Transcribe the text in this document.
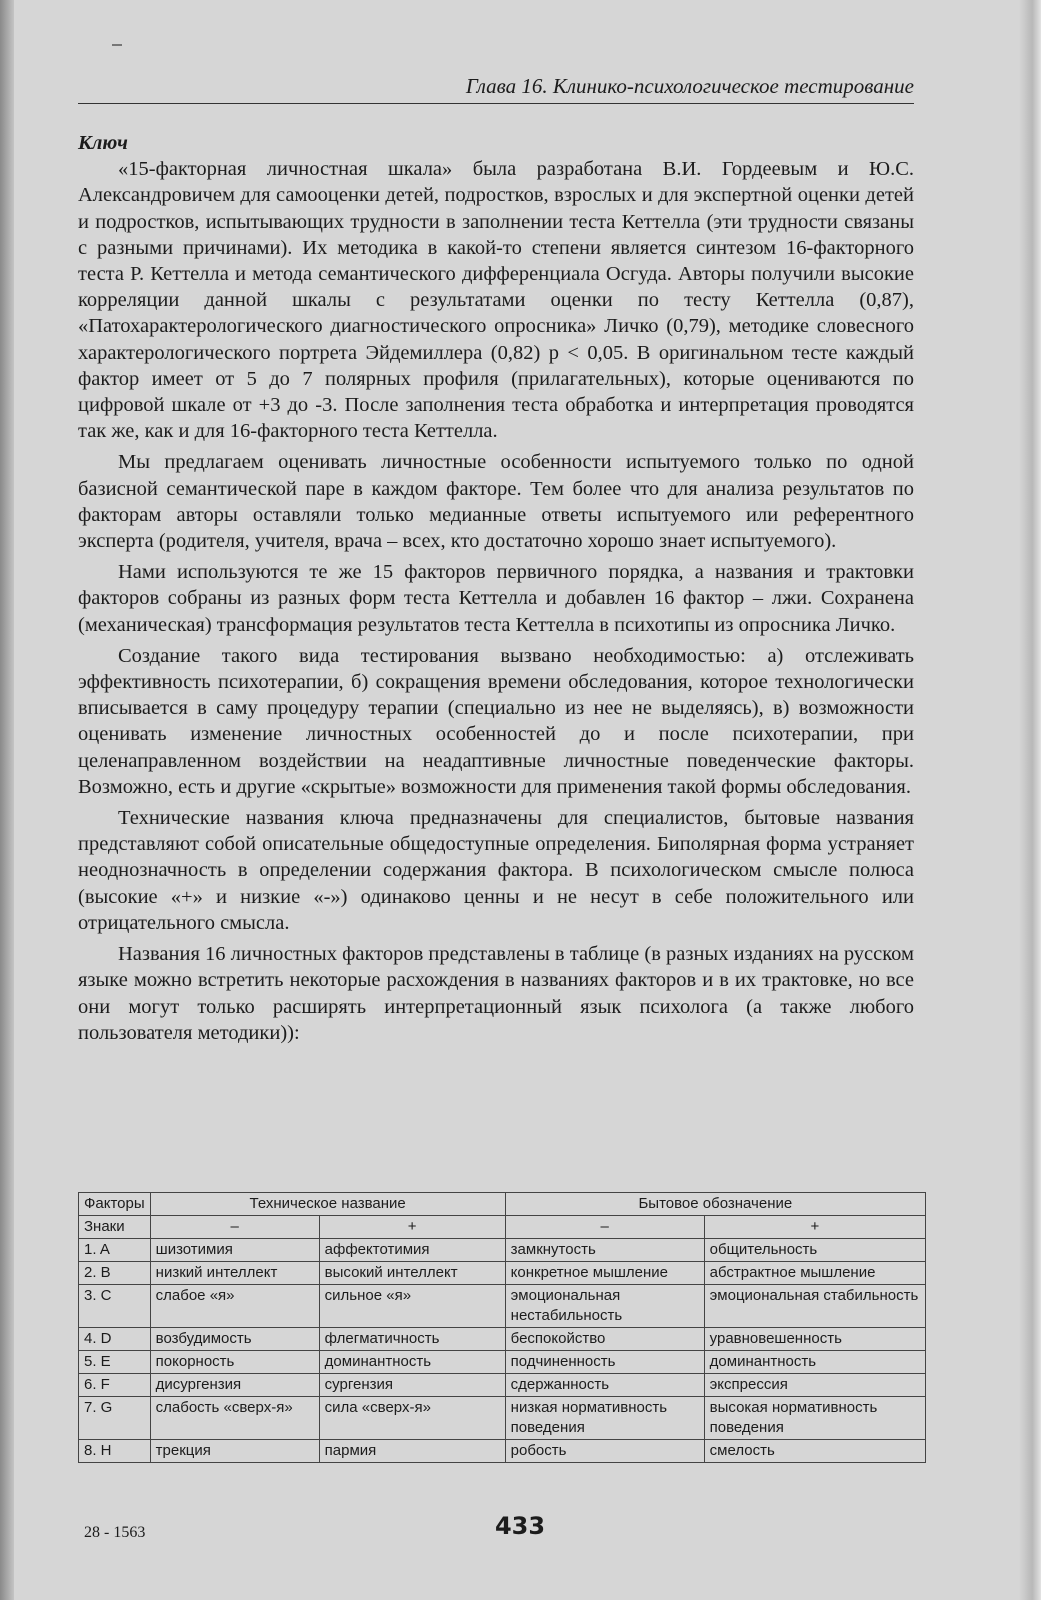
Глава 16. Клинико-психологическое тестирование
Ключ

«15-факторная личностная шкала» была разработана В.И. Гордеевым и Ю.С. Александровичем для самооценки детей, подростков, взрослых и для экспертной оценки детей и подростков, испытывающих трудности в заполнении теста Кеттелла (эти трудности связаны с разными причинами). Их методика в какой-то степени является синтезом 16-факторного теста Р. Кеттелла и метода семантического дифференциала Осгуда. Авторы получили высокие корреляции данной шкалы с результатами оценки по тесту Кеттелла (0,87), «Патохарактерологического диагностического опросника» Личко (0,79), методике словесного характерологического портрета Эйдемиллера (0,82) p < 0,05. В оригинальном тесте каждый фактор имеет от 5 до 7 полярных профиля (прилагательных), которые оцениваются по цифровой шкале от +3 до -3. После заполнения теста обработка и интерпретация проводятся так же, как и для 16-факторного теста Кеттелла.

Мы предлагаем оценивать личностные особенности испытуемого только по одной базисной семантической паре в каждом факторе. Тем более что для анализа результатов по факторам авторы оставляли только медианные ответы испытуемого или референтного эксперта (родителя, учителя, врача – всех, кто достаточно хорошо знает испытуемого).

Нами используются те же 15 факторов первичного порядка, а названия и трактовки факторов собраны из разных форм теста Кеттелла и добавлен 16 фактор – лжи. Сохранена (механическая) трансформация результатов теста Кеттелла в психотипы из опросника Личко.

Создание такого вида тестирования вызвано необходимостью: а) отслеживать эффективность психотерапии, б) сокращения времени обследования, которое технологически вписывается в саму процедуру терапии (специально из нее не выделяясь), в) возможности оценивать изменение личностных особенностей до и после психотерапии, при целенаправленном воздействии на неадаптивные личностные поведенческие факторы. Возможно, есть и другие «скрытые» возможности для применения такой формы обследования.

Технические названия ключа предназначены для специалистов, бытовые названия представляют собой описательные общедоступные определения. Биполярная форма устраняет неоднозначность в определении содержания фактора. В психологическом смысле полюса (высокие «+» и низкие «-») одинаково ценны и не несут в себе положительного или отрицательного смысла.

Названия 16 личностных факторов представлены в таблице (в разных изданиях на русском языке можно встретить некоторые расхождения в названиях факторов и в их трактовке, но все они могут только расширять интерпретационный язык психолога (а также любого пользователя методики)):

Факторы	Техническое название		Бытовое обозначение	
Знаки	–	+	–	+
1. A	шизотимия	аффектотимия	замкнутость	общительность
2. B	низкий интеллект	высокий интеллект	конкретное мышление	абстрактное мышление
3. C	слабое «я»	сильное «я»	эмоциональная нестабильность	эмоциональная стабильность
4. D	возбудимость	флегматичность	беспокойство	уравновешенность
5. E	покорность	доминантность	подчиненность	доминантность
6. F	дисургензия	сургензия	сдержанность	экспрессия
7. G	слабость «сверх-я»	сила «сверх-я»	низкая нормативность поведения	высокая нормативность поведения
8. H	трекция	пармия	робость	смелость
28 - 1563	433
